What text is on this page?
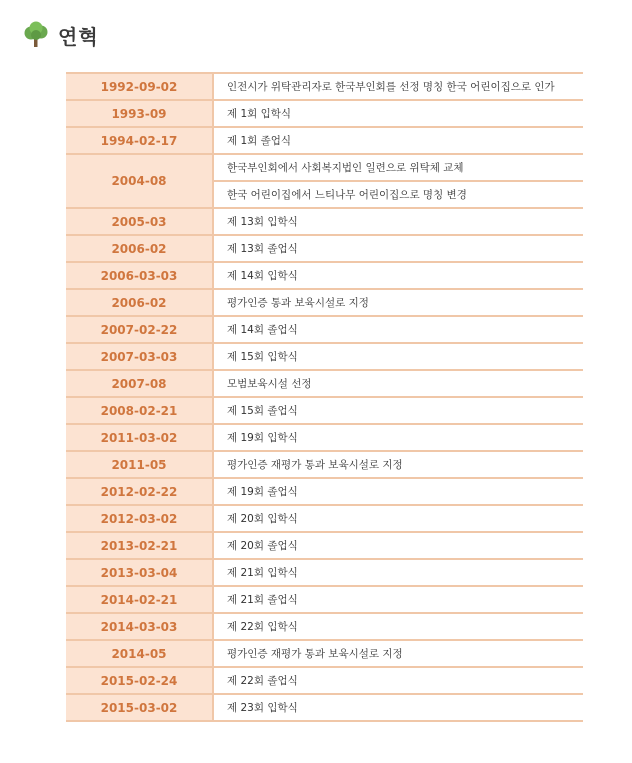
연혁
1992-09-02	인전시가 위탁관리자로 한국부인회를 선정 명칭 한국 어린이집으로 인가
1993-09	제 1회 입학식
1994-02-17	제 1회 졸업식
2004-08
한국부인회에서 사회복지법인 일련으로 위탁체 교체
한국 어린이집에서 느티나무 어린이집으로 명칭 변경
2005-03	제 13회 입학식
2006-02	제 13회 졸업식
2006-03-03	제 14회 입학식
2006-02	평가인증 통과 보육시설로 지정
2007-02-22	제 14회 졸업식
2007-03-03	제 15회 입학식
2007-08	모범보육시설 선정
2008-02-21	제 15회 졸업식
2011-03-02	제 19회 입학식
2011-05	평가인증 재평가 통과 보육시설로 지정
2012-02-22	제 19회 졸업식
2012-03-02	제 20회 입학식
2013-02-21	제 20회 졸업식
2013-03-04	제 21회 입학식
2014-02-21	제 21회 졸업식
2014-03-03	제 22회 입학식
2014-05	평가인증 재평가 통과 보육시설로 지정
2015-02-24	제 22회 졸업식
2015-03-02	제 23회 입학식
